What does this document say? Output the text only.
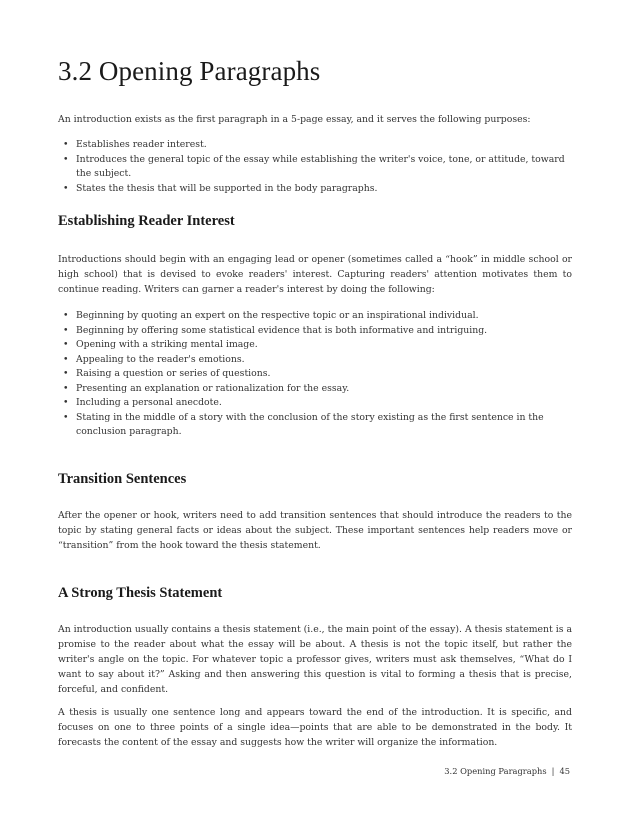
3.2 Opening Paragraphs

An introduction exists as the first paragraph in a 5-page essay, and it serves the following purposes:

• Establishes reader interest.
• Introduces the general topic of the essay while establishing the writer's voice, tone, or attitude, toward the subject.
• States the thesis that will be supported in the body paragraphs.
Establishing Reader Interest

Introductions should begin with an engaging lead or opener (sometimes called a “hook” in middle school or high school) that is devised to evoke readers' interest. Capturing readers' attention motivates them to continue reading. Writers can garner a reader's interest by doing the following:

• Beginning by quoting an expert on the respective topic or an inspirational individual.
• Beginning by offering some statistical evidence that is both informative and intriguing.
• Opening with a striking mental image.
• Appealing to the reader's emotions.
• Raising a question or series of questions.
• Presenting an explanation or rationalization for the essay.
• Including a personal anecdote.
• Stating in the middle of a story with the conclusion of the story existing as the first sentence in the conclusion paragraph.
Transition Sentences

After the opener or hook, writers need to add transition sentences that should introduce the readers to the topic by stating general facts or ideas about the subject. These important sentences help readers move or “transition” from the hook toward the thesis statement.

A Strong Thesis Statement

An introduction usually contains a thesis statement (i.e., the main point of the essay). A thesis statement is a promise to the reader about what the essay will be about. A thesis is not the topic itself, but rather the writer's angle on the topic. For whatever topic a professor gives, writers must ask themselves, “What do I want to say about it?” Asking and then answering this question is vital to forming a thesis that is precise, forceful, and confident.

A thesis is usually one sentence long and appears toward the end of the introduction. It is specific, and focuses on one to three points of a single idea—points that are able to be demonstrated in the body. It forecasts the content of the essay and suggests how the writer will organize the information.

3.2 Opening Paragraphs | 45
